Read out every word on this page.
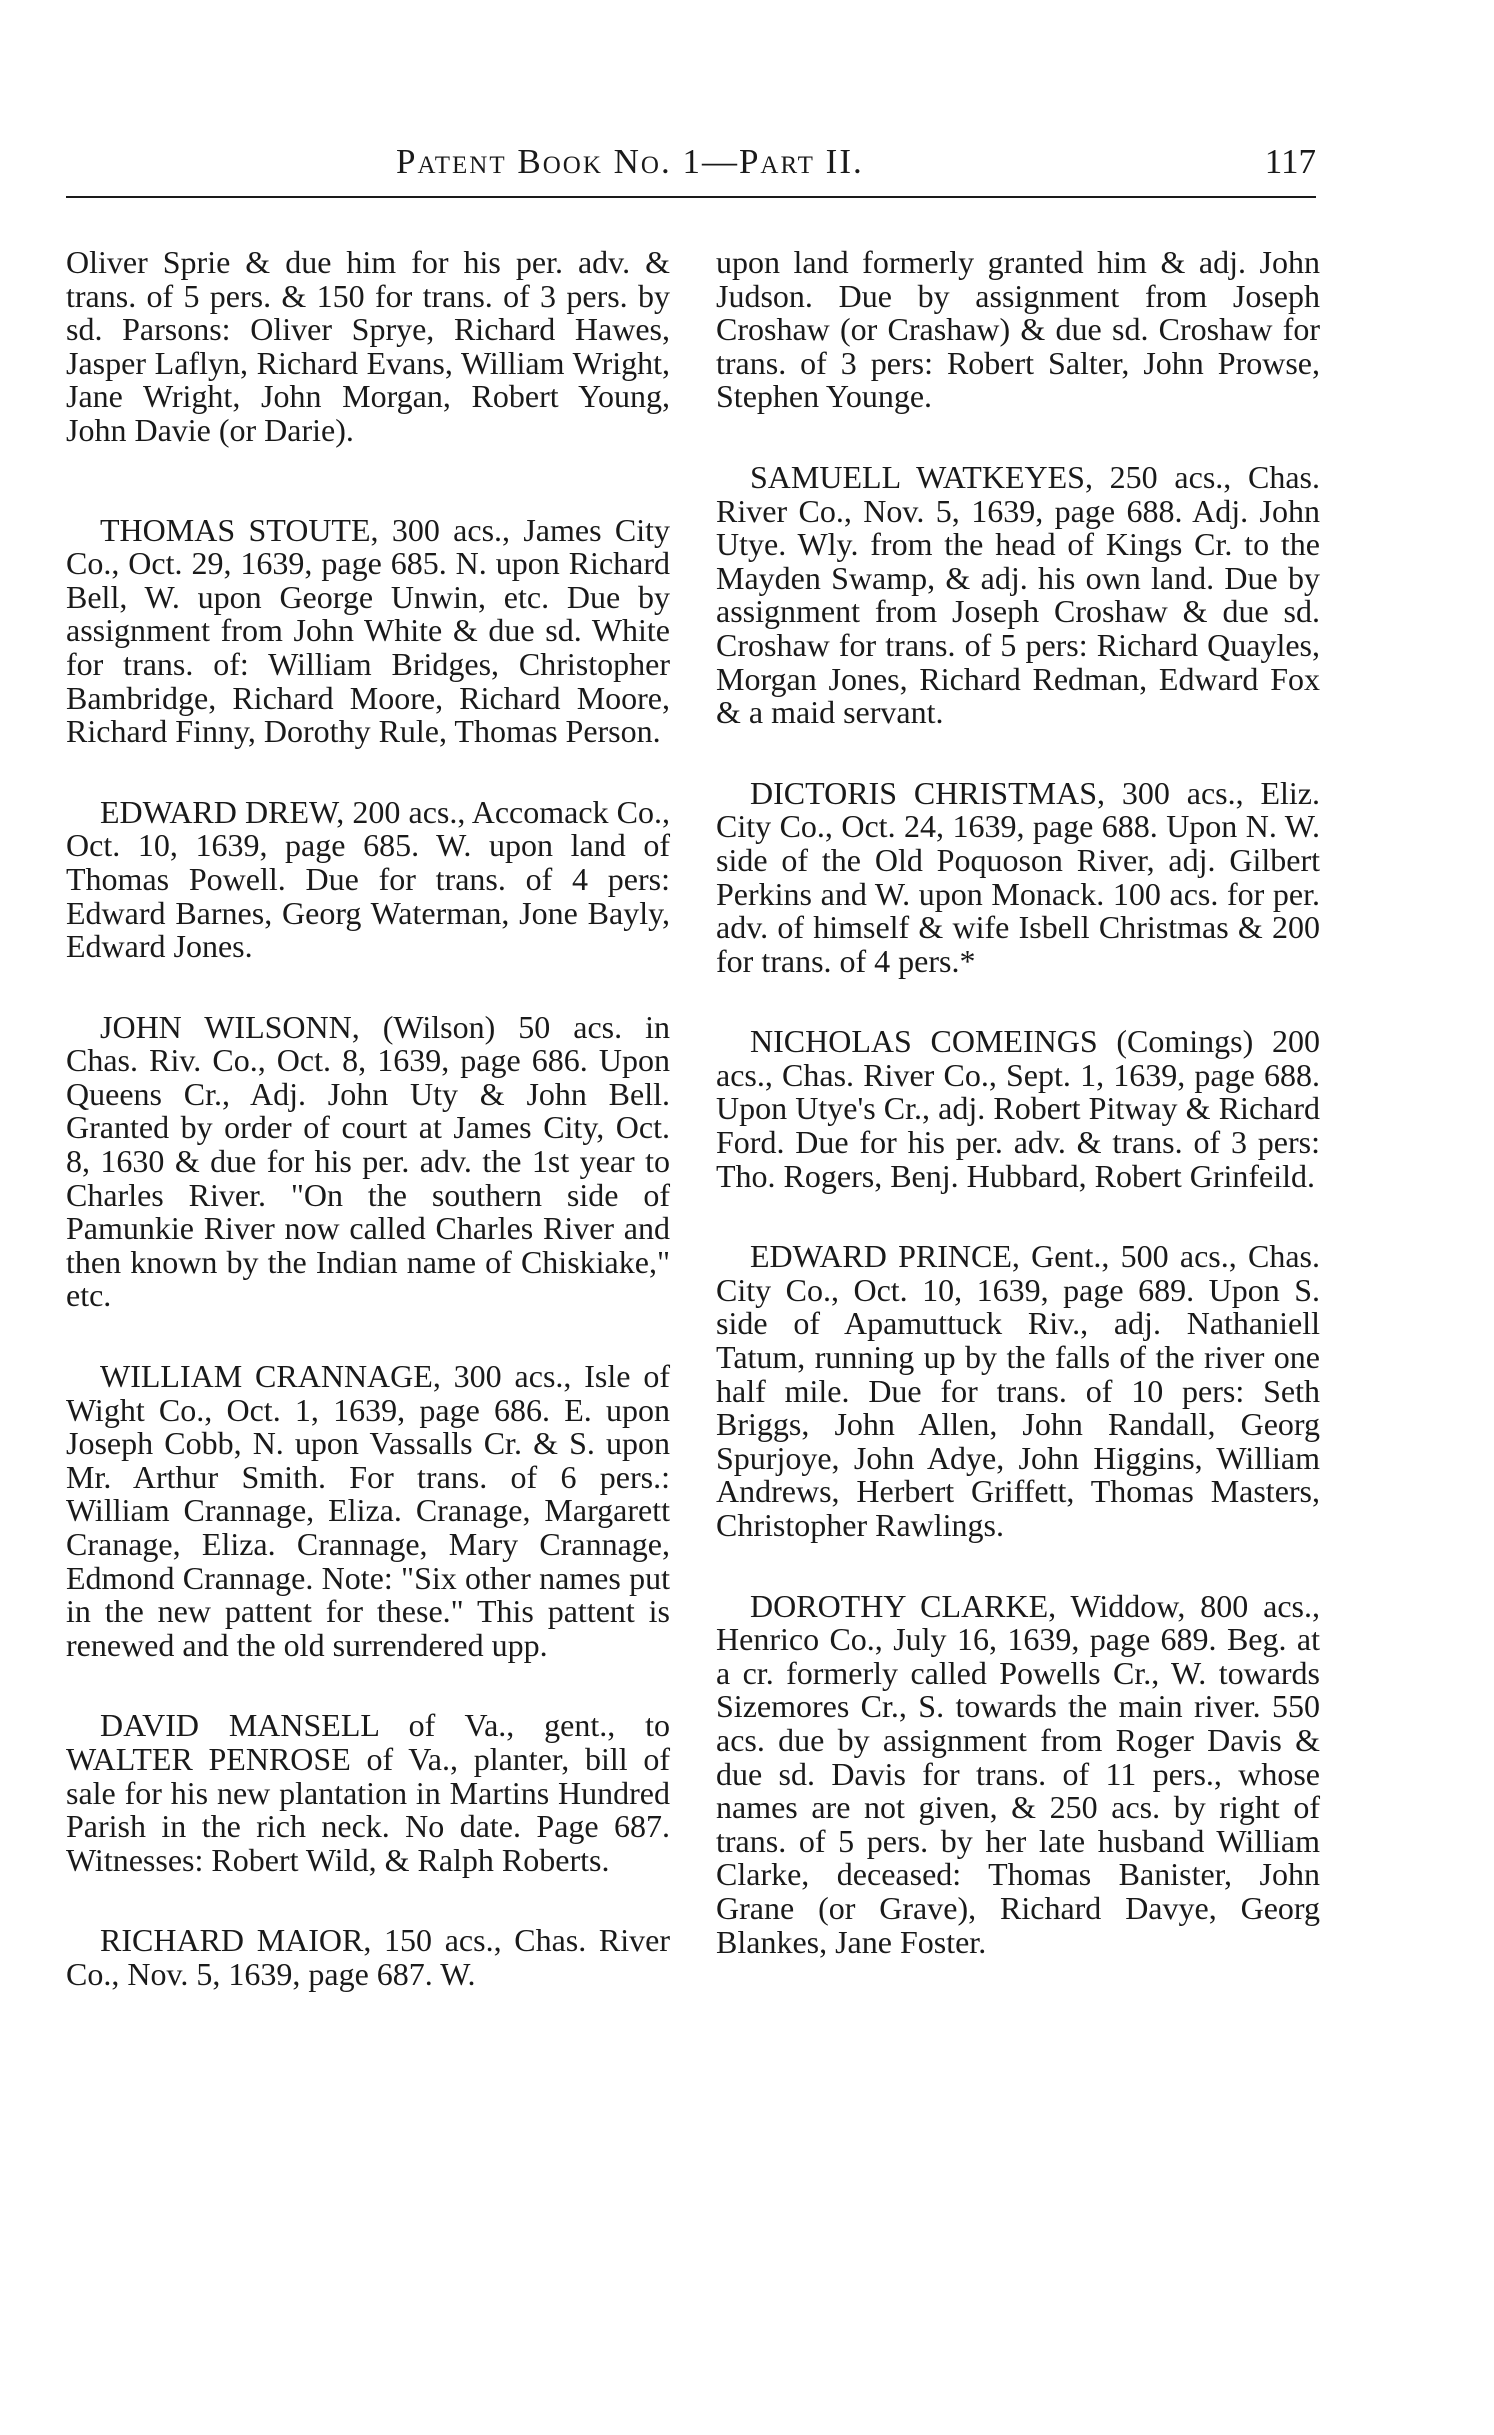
Patent Book No. 1—Part II.	117

Oliver Sprie & due him for his per. adv. & trans. of 5 pers. & 150 for trans. of 3 pers. by sd. Parsons: Oliver Sprye, Richard Hawes, Jasper Laflyn, Richard Evans, William Wright, Jane Wright, John Morgan, Robert Young, John Davie (or Darie).

THOMAS STOUTE, 300 acs., James City Co., Oct. 29, 1639, page 685. N. upon Richard Bell, W. upon George Unwin, etc. Due by assignment from John White & due sd. White for trans. of: William Bridges, Christopher Bambridge, Richard Moore, Richard Moore, Richard Finny, Dorothy Rule, Thomas Person.

EDWARD DREW, 200 acs., Accomack Co., Oct. 10, 1639, page 685. W. upon land of Thomas Powell. Due for trans. of 4 pers: Edward Barnes, Georg Waterman, Jone Bayly, Edward Jones.

JOHN WILSONN, (Wilson) 50 acs. in Chas. Riv. Co., Oct. 8, 1639, page 686. Upon Queens Cr., Adj. John Uty & John Bell. Granted by order of court at James City, Oct. 8, 1630 & due for his per. adv. the 1st year to Charles River. "On the southern side of Pamunkie River now called Charles River and then known by the Indian name of Chiskiake," etc.

WILLIAM CRANNAGE, 300 acs., Isle of Wight Co., Oct. 1, 1639, page 686. E. upon Joseph Cobb, N. upon Vassalls Cr. & S. upon Mr. Arthur Smith. For trans. of 6 pers.: William Crannage, Eliza. Cranage, Margarett Cranage, Eliza. Crannage, Mary Crannage, Edmond Crannage. Note: "Six other names put in the new pattent for these." This pattent is renewed and the old surrendered upp.

DAVID MANSELL of Va., gent., to WALTER PENROSE of Va., planter, bill of sale for his new plantation in Martins Hundred Parish in the rich neck. No date. Page 687. Witnesses: Robert Wild, & Ralph Roberts.

RICHARD MAIOR, 150 acs., Chas. River Co., Nov. 5, 1639, page 687. W.

upon land formerly granted him & adj. John Judson. Due by assignment from Joseph Croshaw (or Crashaw) & due sd. Croshaw for trans. of 3 pers: Robert Salter, John Prowse, Stephen Younge.

SAMUELL WATKEYES, 250 acs., Chas. River Co., Nov. 5, 1639, page 688. Adj. John Utye. Wly. from the head of Kings Cr. to the Mayden Swamp, & adj. his own land. Due by assignment from Joseph Croshaw & due sd. Croshaw for trans. of 5 pers: Richard Quayles, Morgan Jones, Richard Redman, Edward Fox & a maid servant.

DICTORIS CHRISTMAS, 300 acs., Eliz. City Co., Oct. 24, 1639, page 688. Upon N. W. side of the Old Poquoson River, adj. Gilbert Perkins and W. upon Monack. 100 acs. for per. adv. of himself & wife Isbell Christmas & 200 for trans. of 4 pers.*

NICHOLAS COMEINGS (Comings) 200 acs., Chas. River Co., Sept. 1, 1639, page 688. Upon Utye's Cr., adj. Robert Pitway & Richard Ford. Due for his per. adv. & trans. of 3 pers: Tho. Rogers, Benj. Hubbard, Robert Grinfeild.

EDWARD PRINCE, Gent., 500 acs., Chas. City Co., Oct. 10, 1639, page 689. Upon S. side of Apamuttuck Riv., adj. Nathaniell Tatum, running up by the falls of the river one half mile. Due for trans. of 10 pers: Seth Briggs, John Allen, John Randall, Georg Spurjoye, John Adye, John Higgins, William Andrews, Herbert Griffett, Thomas Masters, Christopher Rawlings.

DOROTHY CLARKE, Widdow, 800 acs., Henrico Co., July 16, 1639, page 689. Beg. at a cr. formerly called Powells Cr., W. towards Sizemores Cr., S. towards the main river. 550 acs. due by assignment from Roger Davis & due sd. Davis for trans. of 11 pers., whose names are not given, & 250 acs. by right of trans. of 5 pers. by her late husband William Clarke, deceased: Thomas Banister, John Grane (or Grave), Richard Davye, Georg Blankes, Jane Foster.
